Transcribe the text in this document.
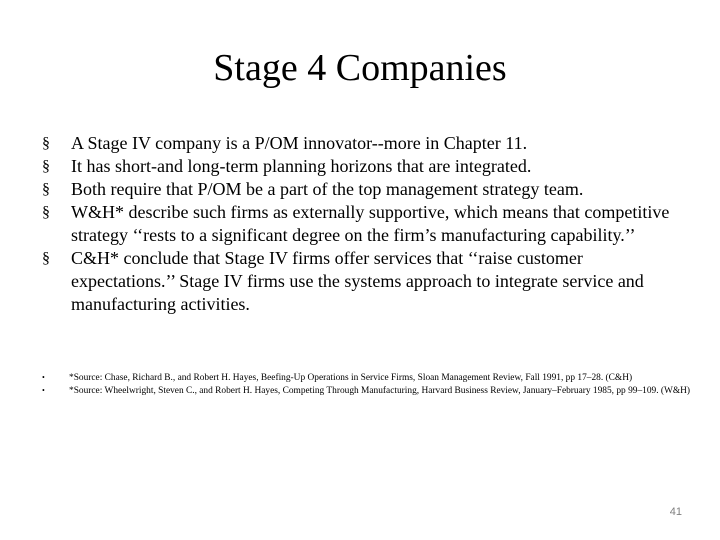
Stage 4 Companies
§ A Stage IV company is a P/OM innovator--more in Chapter 11.
§ It has short-and long-term planning horizons that are integrated.
§ Both require that P/OM be a part of the top management strategy team.
§ W&H* describe such firms as externally supportive, which means that competitive strategy ‘‘rests to a significant degree on the firm’s manufacturing capability.’’
§ C&H* conclude that Stage IV firms offer services that ‘‘raise customer expectations.’’ Stage IV firms use the systems approach to integrate service and manufacturing activities.
•	*Source: Chase, Richard B., and Robert H. Hayes, Beefing-Up Operations in Service Firms, Sloan Management Review, Fall 1991, pp 17–28. (C&H)
•	*Source: Wheelwright, Steven C., and Robert H. Hayes, Competing Through Manufacturing, Harvard Business Review, January–February 1985, pp 99–109. (W&H)
41
